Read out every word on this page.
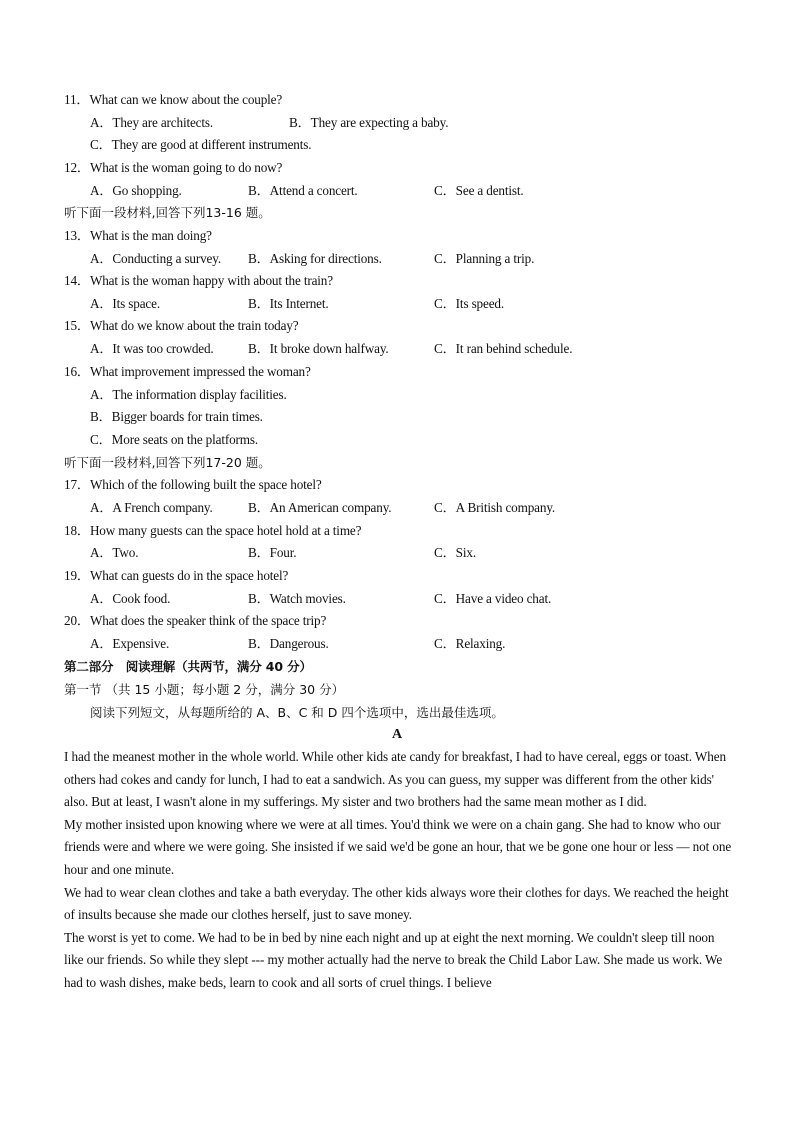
11．What can we know about the couple?
A．They are architects.	B．They are expecting a baby.
C．They are good at different instruments.
12．What is the woman going to do now?
A．Go shopping.	B．Attend a concert.	C．See a dentist.
听下面一段材料,回答下列13-16 题。
13．What is the man doing?
A．Conducting a survey. B．Asking for directions.	C．Planning a trip.
14．What is the woman happy with about the train?
A．Its space.	B．Its Internet.	C．Its speed.
15．What do we know about the train today?
A．It was too crowded.	B．It broke down halfway.	C．It ran behind schedule.
16．What improvement impressed the woman?
A．The information display facilities.
B．Bigger boards for train times.
C．More seats on the platforms.
听下面一段材料,回答下列17-20 题。
17．Which of the following built the space hotel?
A．A French company.	B．An American company.	C．A British company.
18．How many guests can the space hotel hold at a time?
A．Two.	B．Four.	C．Six.
19．What can guests do in the space hotel?
A．Cook food.	B．Watch movies.	C．Have a video chat.
20．What does the speaker think of the space trip?
A．Expensive.	B．Dangerous.	C．Relaxing.
第二部分　阅读理解（共两节，满分 40 分）
第一节 （共 15 小题；每小题 2 分，满分 30 分）
阅读下列短文，从每题所给的 A、B、C 和 D 四个选项中，选出最佳选项。
A

I had the meanest mother in the whole world. While other kids ate candy for breakfast, I had to have cereal, eggs or toast. When others had cokes and candy for lunch, I had to eat a sandwich. As you can guess, my supper was different from the other kids' also. But at least, I wasn't alone in my sufferings. My sister and two brothers had the same mean mother as I did.

My mother insisted upon knowing where we were at all times. You'd think we were on a chain gang. She had to know who our friends were and where we were going. She insisted if we said we'd be gone an hour, that we be gone one hour or less — not one hour and one minute.

We had to wear clean clothes and take a bath everyday. The other kids always wore their clothes for days. We reached the height of insults because she made our clothes herself, just to save money.

The worst is yet to come. We had to be in bed by nine each night and up at eight the next morning. We couldn't sleep till noon like our friends. So while they slept --- my mother actually had the nerve to break the Child Labor Law. She made us work. We had to wash dishes, make beds, learn to cook and all sorts of cruel things. I believe
